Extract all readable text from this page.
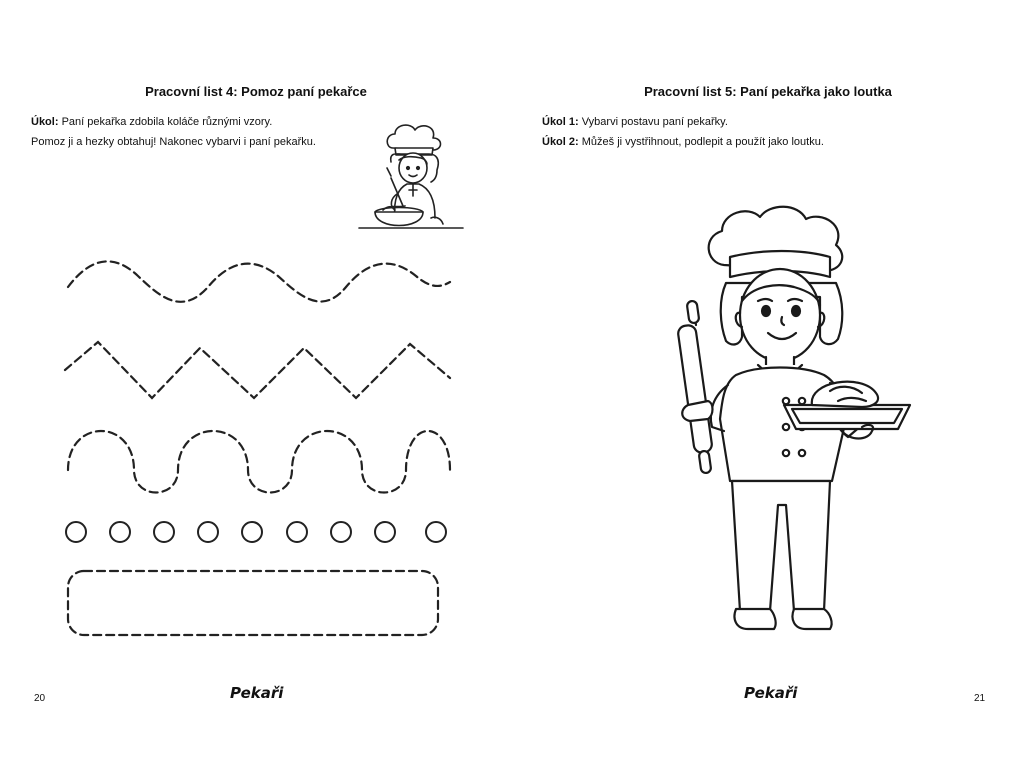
Pracovní list 4: Pomoz paní pekařce
Úkol: Paní pekařka zdobila koláče různými vzory.
Pomoz ji a hezky obtahuj! Nakonec vybarvi i paní pekařku.
20	Pekaři
Pracovní list 5: Paní pekařka jako loutka
Úkol 1: Vybarvi postavu paní pekařky.
Úkol 2: Můžeš ji vystřihnout, podlepit a použít jako loutku.
Pekaři	21
